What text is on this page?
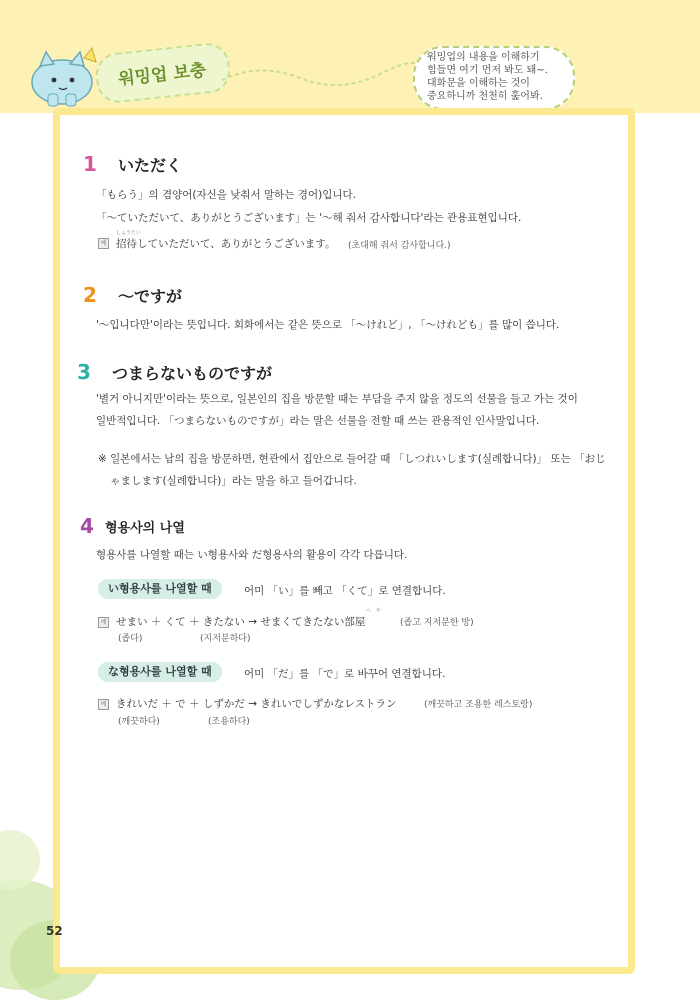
워밍업 보충
워밍업의 내용을 이해하기
힘들면 여기 먼저 봐도 돼~.
대화문을 이해하는 것이
중요하니까 천천히 훑어봐.
1 いただく
「もらう」의 겸양어(자신을 낮춰서 말하는 경어)입니다.
「～ていただいて、ありがとうございます」는 '～해 줘서 감사합니다'라는 관용표현입니다.
예
しょうたい
招待していただいて、ありがとうございます。 (초대해 줘서 감사합니다.)
2 ～ですが
'～입니다만'이라는 뜻입니다. 회화에서는 같은 뜻으로 「～けれど」, 「～けれども」를 많이 씁니다.
3 つまらないものですが
'별거 아니지만'이라는 뜻으로, 일본인의 집을 방문할 때는 부담을 주지 않을 정도의 선물을 들고 가는 것이
일반적입니다. 「つまらないものですが」라는 말은 선물을 전할 때 쓰는 관용적인 인사말입니다.
※ 일본에서는 남의 집을 방문하면, 현관에서 집안으로 들어갈 때 「しつれいします(실례합니다)」 또는 「おじ
ゃまします(실례합니다)」라는 말을 하고 들어갑니다.
4 형용사의 나열
형용사를 나열할 때는 い형용사와 だ형용사의 활용이 각각 다릅니다.
い형용사를 나열할 때	어미 「い」를 빼고 「くて」로 연결합니다.
예
へ　や
せまい ＋ くて ＋ きたない → せまくてきたない部屋	(좁고 지저분한 방)
(좁다)	(지저분하다)
な형용사를 나열할 때	어미 「だ」를 「で」로 바꾸어 연결합니다.
예 きれいだ ＋ で ＋ しずかだ → きれいでしずかなレストラン	(깨끗하고 조용한 레스토랑)
(깨끗하다)	(조용하다)
52
